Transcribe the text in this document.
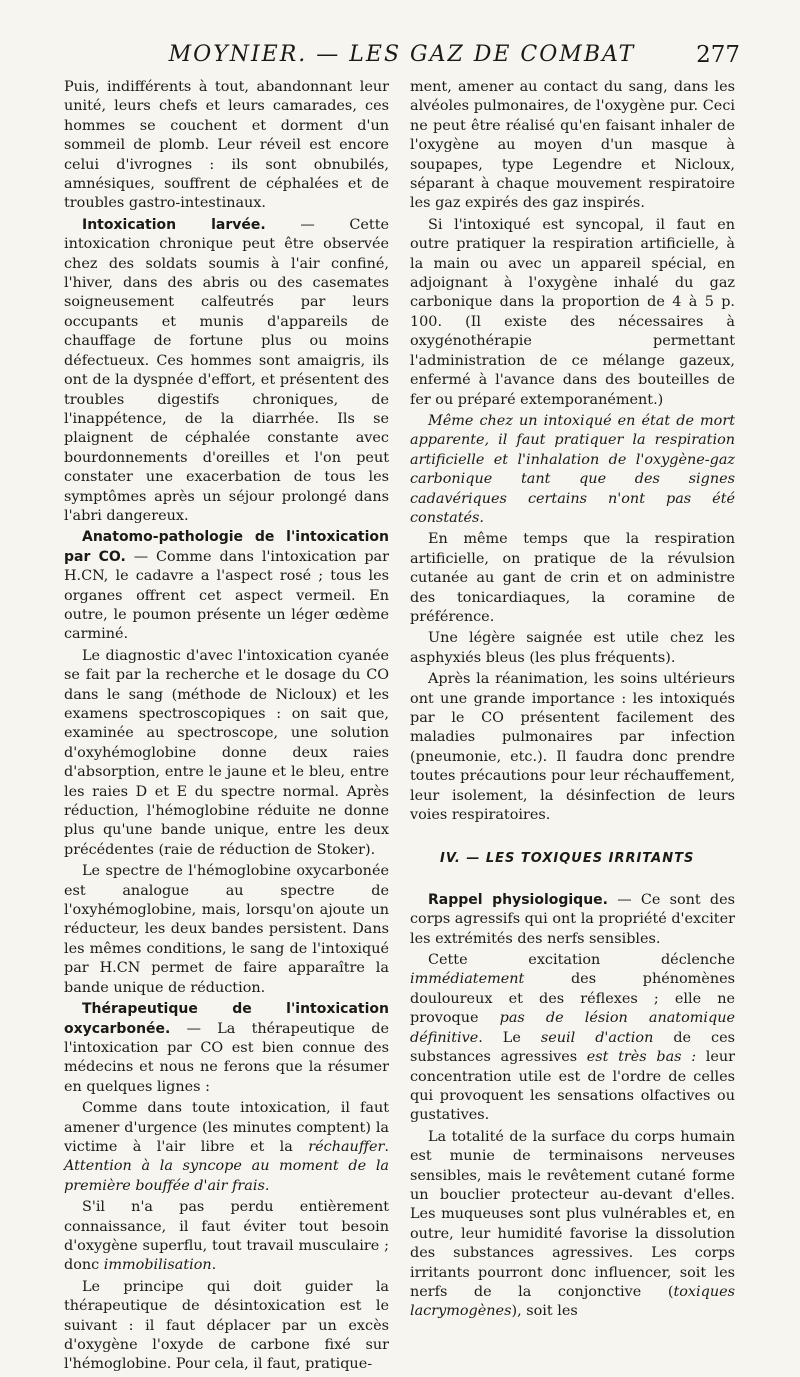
MOYNIER. — LES GAZ DE COMBAT	277

Puis, indifférents à tout, abandonnant leur unité, leurs chefs et leurs camarades, ces hommes se couchent et dorment d'un sommeil de plomb. Leur réveil est encore celui d'ivrognes : ils sont obnubilés, amnésiques, souffrent de céphalées et de troubles gastro-intestinaux.

Intoxication larvée. — Cette intoxication chronique peut être observée chez des soldats soumis à l'air confiné, l'hiver, dans des abris ou des casemates soigneusement calfeutrés par leurs occupants et munis d'appareils de chauffage de fortune plus ou moins défectueux. Ces hommes sont amaigris, ils ont de la dyspnée d'effort, et présentent des troubles digestifs chroniques, de l'inappétence, de la diarrhée. Ils se plaignent de céphalée constante avec bourdonnements d'oreilles et l'on peut constater une exacerbation de tous les symptômes après un séjour prolongé dans l'abri dangereux.

Anatomo-pathologie de l'intoxication par CO. — Comme dans l'intoxication par H.CN, le cadavre a l'aspect rosé ; tous les organes offrent cet aspect vermeil. En outre, le poumon présente un léger œdème carminé.

Le diagnostic d'avec l'intoxication cyanée se fait par la recherche et le dosage du CO dans le sang (méthode de Nicloux) et les examens spectroscopiques : on sait que, examinée au spectroscope, une solution d'oxyhémoglobine donne deux raies d'absorption, entre le jaune et le bleu, entre les raies D et E du spectre normal. Après réduction, l'hémoglobine réduite ne donne plus qu'une bande unique, entre les deux précédentes (raie de réduction de Stoker).

Le spectre de l'hémoglobine oxycarbonée est analogue au spectre de l'oxyhémoglobine, mais, lorsqu'on ajoute un réducteur, les deux bandes persistent. Dans les mêmes conditions, le sang de l'intoxiqué par H.CN permet de faire apparaître la bande unique de réduction.

Thérapeutique de l'intoxication oxycarbonée. — La thérapeutique de l'intoxication par CO est bien connue des médecins et nous ne ferons que la résumer en quelques lignes :

Comme dans toute intoxication, il faut amener d'urgence (les minutes comptent) la victime à l'air libre et la réchauffer. Attention à la syncope au moment de la première bouffée d'air frais.

S'il n'a pas perdu entièrement connaissance, il faut éviter tout besoin d'oxygène superflu, tout travail musculaire ; donc immobilisation.

Le principe qui doit guider la thérapeutique de désintoxication est le suivant : il faut déplacer par un excès d'oxygène l'oxyde de carbone fixé sur l'hémoglobine. Pour cela, il faut, pratique-

ment, amener au contact du sang, dans les alvéoles pulmonaires, de l'oxygène pur. Ceci ne peut être réalisé qu'en faisant inhaler de l'oxygène au moyen d'un masque à soupapes, type Legendre et Nicloux, séparant à chaque mouvement respiratoire les gaz expirés des gaz inspirés.

Si l'intoxiqué est syncopal, il faut en outre pratiquer la respiration artificielle, à la main ou avec un appareil spécial, en adjoignant à l'oxygène inhalé du gaz carbonique dans la proportion de 4 à 5 p. 100. (Il existe des nécessaires à oxygénothérapie permettant l'administration de ce mélange gazeux, enfermé à l'avance dans des bouteilles de fer ou préparé extemporanément.)

Même chez un intoxiqué en état de mort apparente, il faut pratiquer la respiration artificielle et l'inhalation de l'oxygène-gaz carbonique tant que des signes cadavériques certains n'ont pas été constatés.

En même temps que la respiration artificielle, on pratique de la révulsion cutanée au gant de crin et on administre des tonicardiaques, la coramine de préférence.

Une légère saignée est utile chez les asphyxiés bleus (les plus fréquents).

Après la réanimation, les soins ultérieurs ont une grande importance : les intoxiqués par le CO présentent facilement des maladies pulmonaires par infection (pneumonie, etc.). Il faudra donc prendre toutes précautions pour leur réchauffement, leur isolement, la désinfection de leurs voies respiratoires.

IV. — LES TOXIQUES IRRITANTS

Rappel physiologique. — Ce sont des corps agressifs qui ont la propriété d'exciter les extrémités des nerfs sensibles.

Cette excitation déclenche immédiatement des phénomènes douloureux et des réflexes ; elle ne provoque pas de lésion anatomique définitive. Le seuil d'action de ces substances agressives est très bas : leur concentration utile est de l'ordre de celles qui provoquent les sensations olfactives ou gustatives.

La totalité de la surface du corps humain est munie de terminaisons nerveuses sensibles, mais le revêtement cutané forme un bouclier protecteur au-devant d'elles. Les muqueuses sont plus vulnérables et, en outre, leur humidité favorise la dissolution des substances agressives. Les corps irritants pourront donc influencer, soit les nerfs de la conjonctive (toxiques lacrymogènes), soit les
